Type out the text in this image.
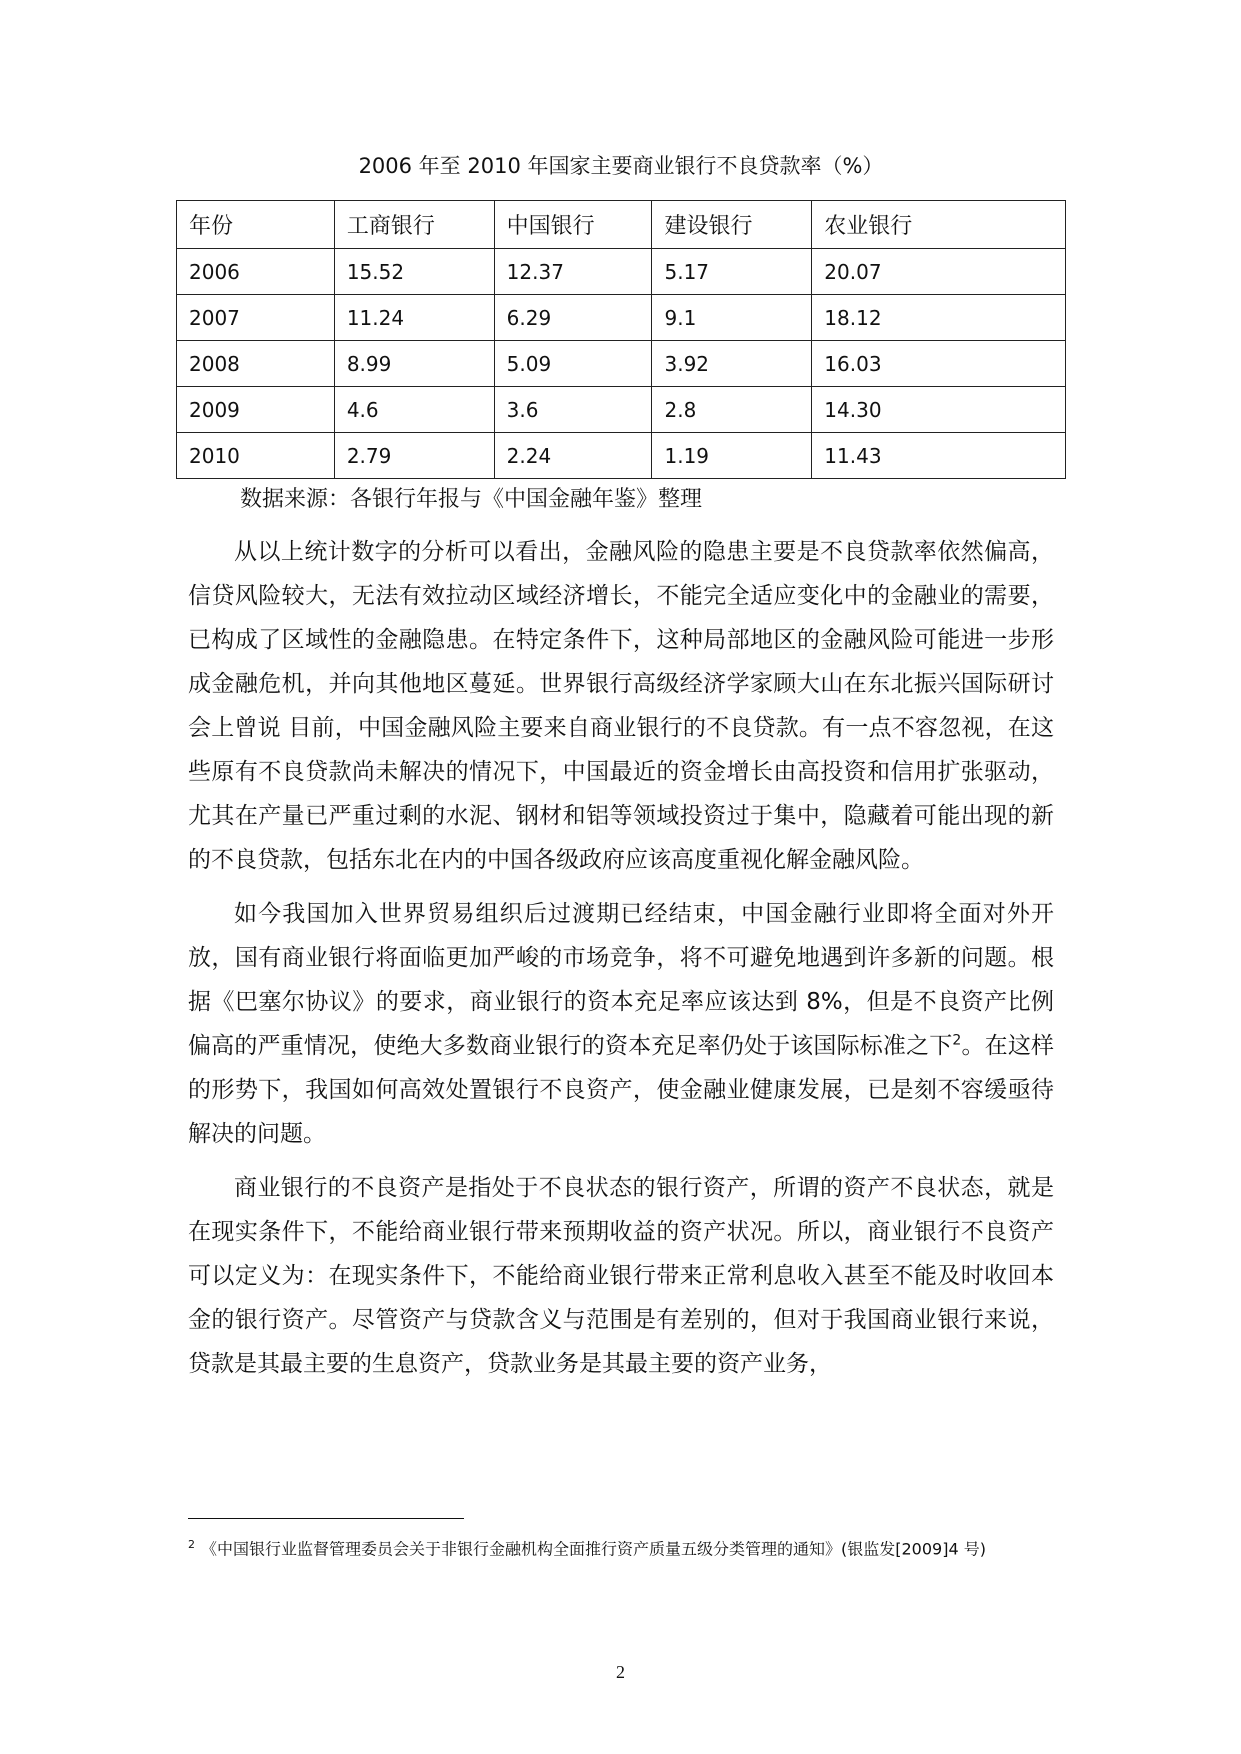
2006 年至 2010 年国家主要商业银行不良贷款率（%）
年份	工商银行	中国银行	建设银行	农业银行
2006	15.52	12.37	5.17	20.07
2007	11.24	6.29	9.1	18.12
2008	8.99	5.09	3.92	16.03
2009	4.6	3.6	2.8	14.30
2010	2.79	2.24	1.19	11.43
数据来源：各银行年报与《中国金融年鉴》整理

从以上统计数字的分析可以看出，金融风险的隐患主要是不良贷款率依然偏高，信贷风险较大，无法有效拉动区域经济增长，不能完全适应变化中的金融业的需要，已构成了区域性的金融隐患。在特定条件下，这种局部地区的金融风险可能进一步形成金融危机，并向其他地区蔓延。世界银行高级经济学家顾大山在东北振兴国际研讨会上曾说 目前，中国金融风险主要来自商业银行的不良贷款。有一点不容忽视，在这些原有不良贷款尚未解决的情况下，中国最近的资金增长由高投资和信用扩张驱动，尤其在产量已严重过剩的水泥、钢材和铝等领域投资过于集中，隐藏着可能出现的新的不良贷款，包括东北在内的中国各级政府应该高度重视化解金融风险。

如今我国加入世界贸易组织后过渡期已经结束，中国金融行业即将全面对外开放，国有商业银行将面临更加严峻的市场竞争，将不可避免地遇到许多新的问题。根据《巴塞尔协议》的要求，商业银行的资本充足率应该达到 8%，但是不良资产比例偏高的严重情况，使绝大多数商业银行的资本充足率仍处于该国际标准之下$^2$。在这样的形势下，我国如何高效处置银行不良资产，使金融业健康发展，已是刻不容缓亟待解决的问题。

商业银行的不良资产是指处于不良状态的银行资产，所谓的资产不良状态，就是在现实条件下，不能给商业银行带来预期收益的资产状况。所以，商业银行不良资产可以定义为：在现实条件下，不能给商业银行带来正常利息收入甚至不能及时收回本金的银行资产。尽管资产与贷款含义与范围是有差别的，但对于我国商业银行来说，贷款是其最主要的生息资产，贷款业务是其最主要的资产业务，

$^2$ 《中国银行业监督管理委员会关于非银行金融机构全面推行资产质量五级分类管理的通知》(银监发[2009]4 号)
2
